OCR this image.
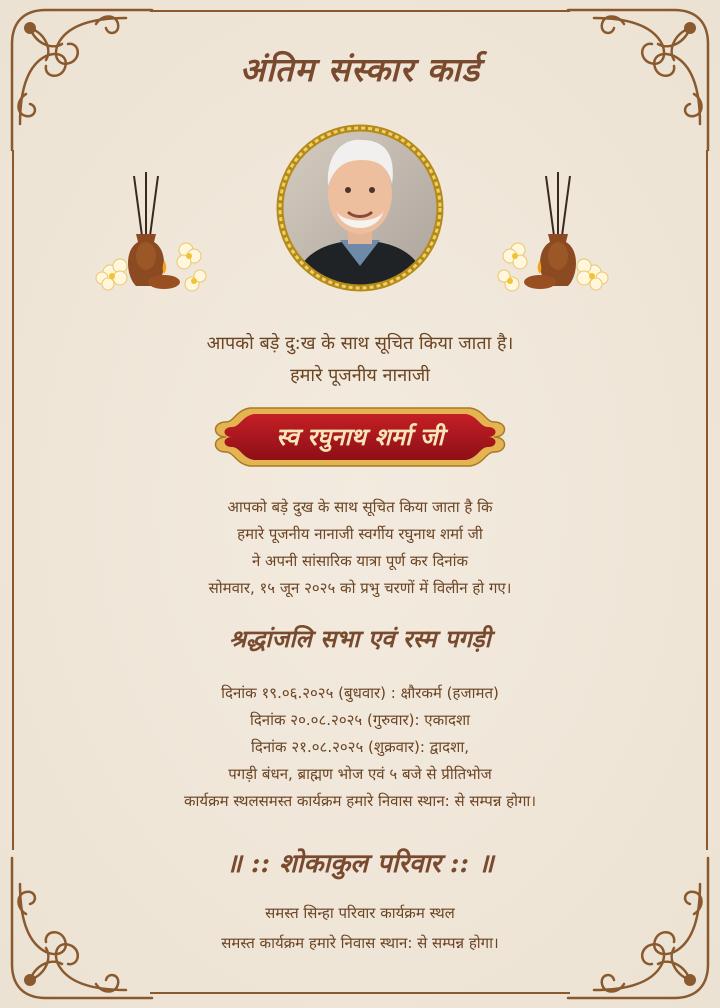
अंतिम संस्कार कार्ड
आपको बड़े दु:ख के साथ सूचित किया जाता है।
हमारे पूजनीय नानाजी
स्व रघुनाथ शर्मा जी
आपको बड़े दुख के साथ सूचित किया जाता है कि
हमारे पूजनीय नानाजी स्वर्गीय रघुनाथ शर्मा जी
ने अपनी सांसारिक यात्रा पूर्ण कर दिनांक
सोमवार, १५ जून २०२५ को प्रभु चरणों में विलीन हो गए।
श्रद्धांजलि सभा एवं रस्म पगड़ी
दिनांक १९.०६.२०२५ (बुधवार) : क्षौरकर्म (हजामत)
दिनांक २०.०८.२०२५ (गुरुवार): एकादशा
दिनांक २१.०८.२०२५ (शुक्रवार): द्वादशा,
पगड़ी बंधन, ब्राह्मण भोज एवं ५ बजे से प्रीतिभोज
कार्यक्रम स्थलसमस्त कार्यक्रम हमारे निवास स्थान: से सम्पन्न होगा।
॥ :: शोकाकुल परिवार :: ॥
समस्त सिन्हा परिवार कार्यक्रम स्थल
समस्त कार्यक्रम हमारे निवास स्थान: से सम्पन्न होगा।
